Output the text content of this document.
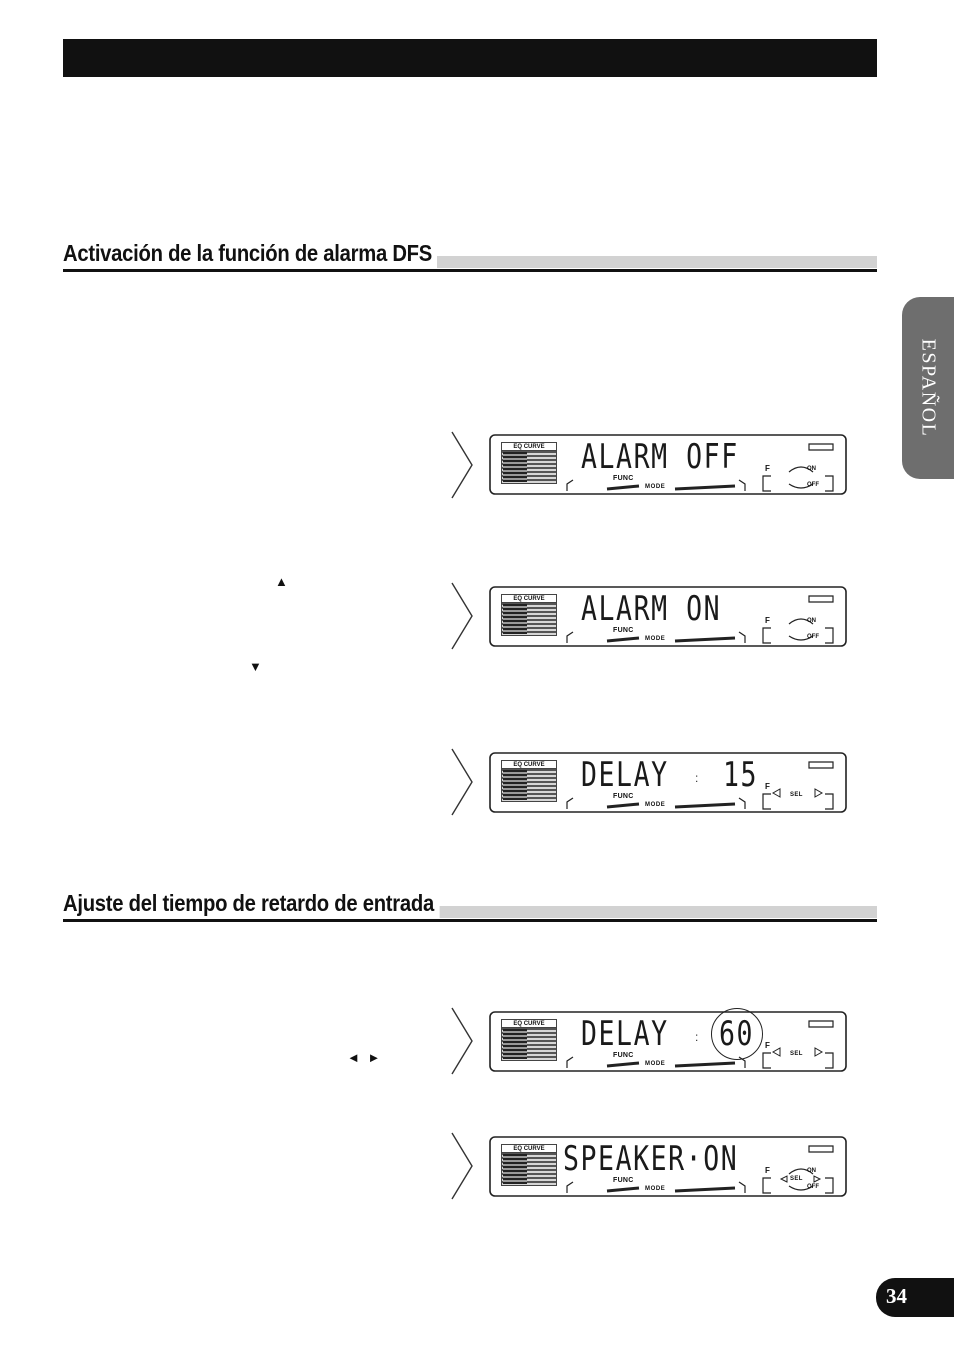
Activación de la función de alarma DFS
Ajuste del tiempo de retardo de entrada
ESPAÑOL
34
▲
▼
◄ ►
EQ CURVE	ALARM OFF
FUNC
MODE
F	ON
OFF
EQ CURVE	ALARM ON
FUNC
MODE
F	ON
OFF
EQ CURVE	DELAY : 15
FUNC
MODE
F
SEL
EQ CURVE	DELAY : 60
FUNC
MODE
F
SEL
EQ CURVE SPEAKER·ON
FUNC
MODE
F	ON
SEL
OFF
